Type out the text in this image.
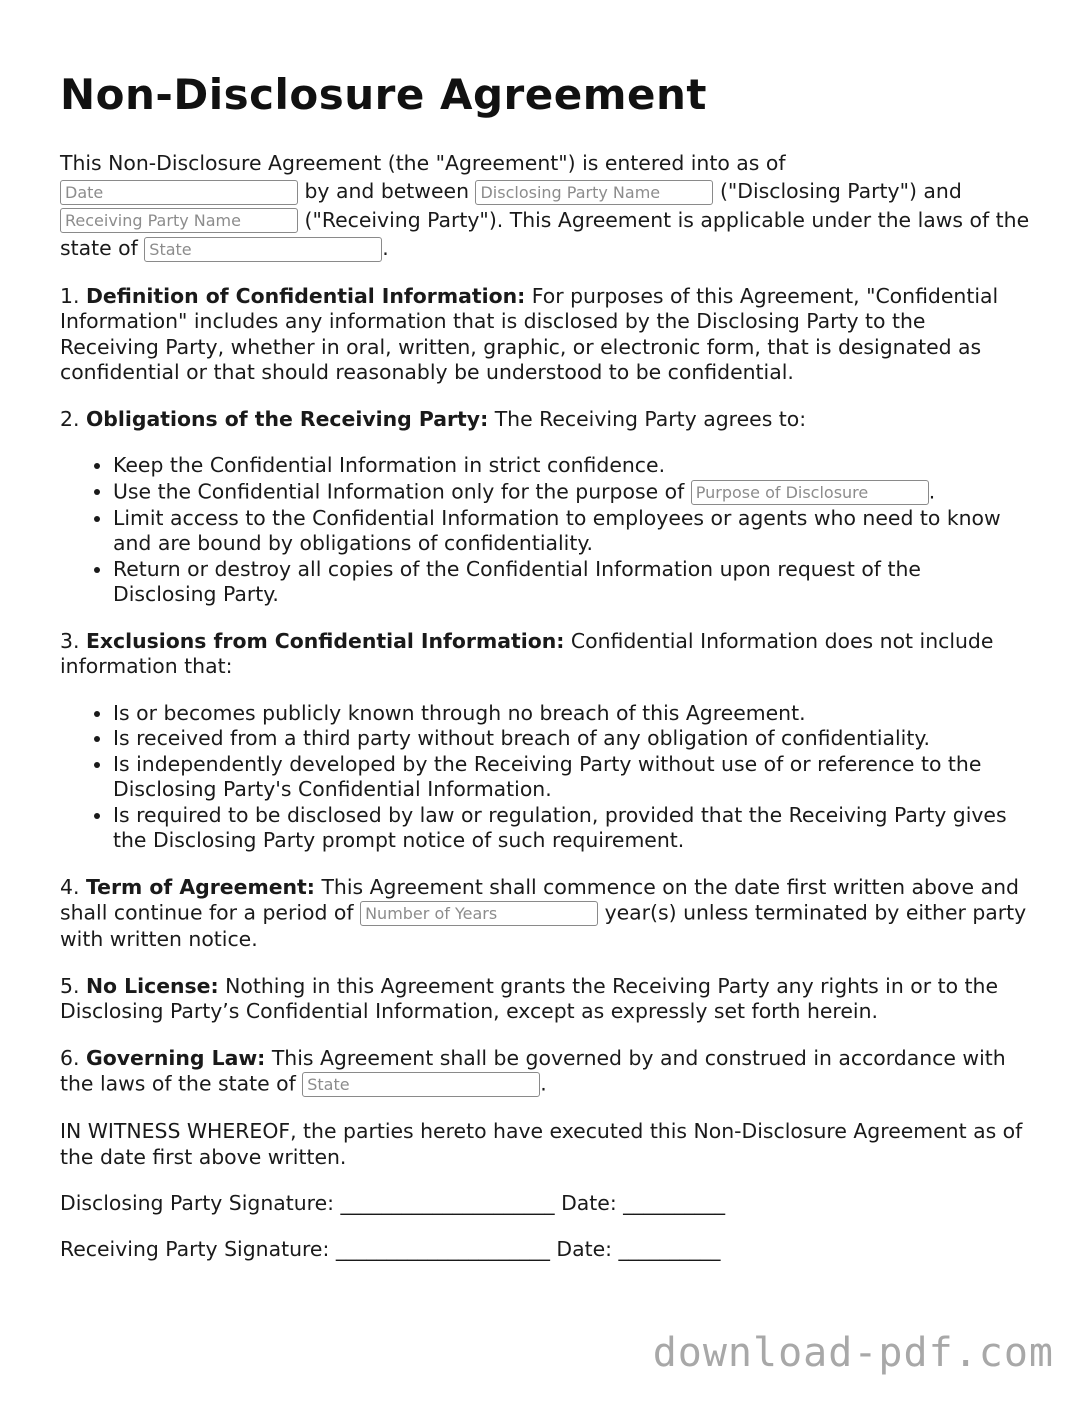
Non-Disclosure Agreement

This Non-Disclosure Agreement (the "Agreement") is entered into as of Date by and between Disclosing Party Name	("Disclosing Party") and Receiving Party Name ("Receiving Party"). This Agreement is applicable under the laws of the state of State	.

1. Definition of Confidential Information: For purposes of this Agreement, "Confidential Information" includes any information that is disclosed by the Disclosing Party to the Receiving Party, whether in oral, written, graphic, or electronic form, that is designated as confidential or that should reasonably be understood to be confidential.

2. Obligations of the Receiving Party: The Receiving Party agrees to:

• Keep the Confidential Information in strict confidence.
• Use the Confidential Information only for the purpose of Purpose of Disclosure	.
• Limit access to the Confidential Information to employees or agents who need to know and are bound by obligations of confidentiality.
• Return or destroy all copies of the Confidential Information upon request of the Disclosing Party.

3. Exclusions from Confidential Information: Confidential Information does not include information that:

• Is or becomes publicly known through no breach of this Agreement.
• Is received from a third party without breach of any obligation of confidentiality.
• Is independently developed by the Receiving Party without use of or reference to the Disclosing Party's Confidential Information.
• Is required to be disclosed by law or regulation, provided that the Receiving Party gives the Disclosing Party prompt notice of such requirement.

4. Term of Agreement: This Agreement shall commence on the date first written above and shall continue for a period of Number of Years	year(s) unless terminated by either party with written notice.

5. No License: Nothing in this Agreement grants the Receiving Party any rights in or to the Disclosing Party’s Confidential Information, except as expressly set forth herein.

6. Governing Law: This Agreement shall be governed by and construed in accordance with the laws of the state of State	.

IN WITNESS WHEREOF, the parties hereto have executed this Non-Disclosure Agreement as of the date first above written.

Disclosing Party Signature: _____________________ Date: __________

Receiving Party Signature: _____________________ Date: __________

download-pdf.com
